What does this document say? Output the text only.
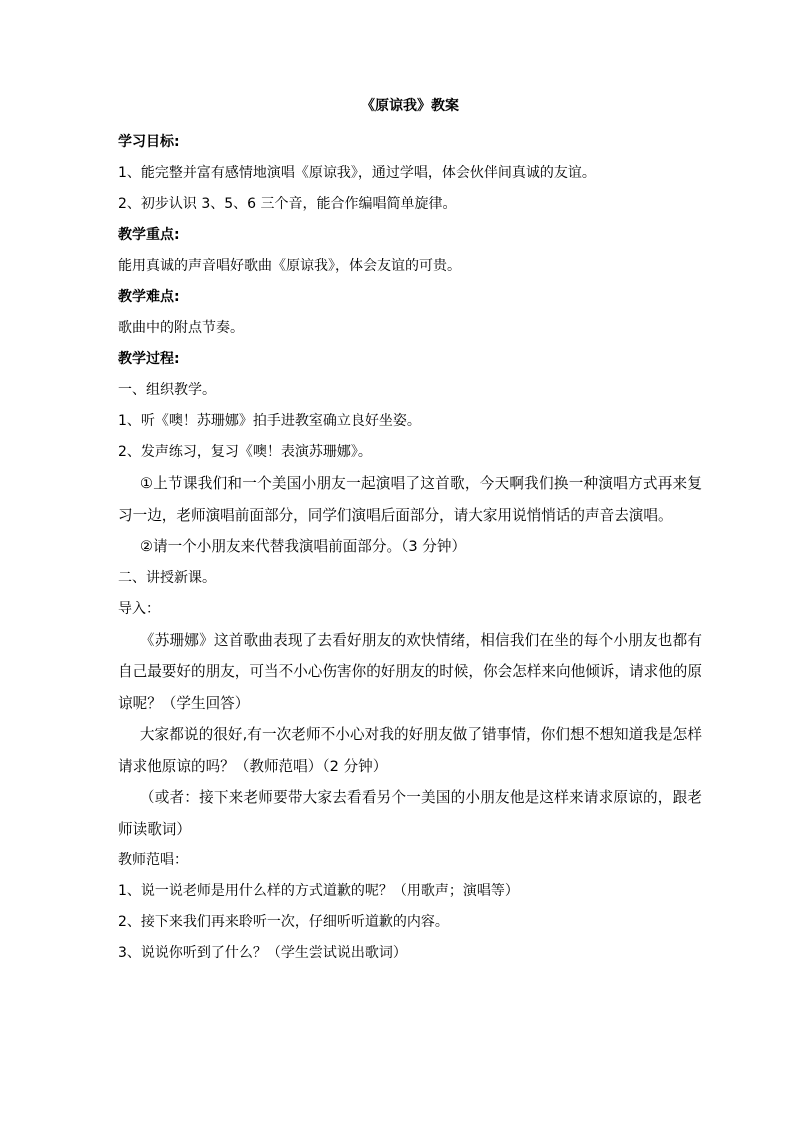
《原谅我》教案
学习目标:
1、能完整并富有感情地演唱《原谅我》，通过学唱，体会伙伴间真诚的友谊。
2、初步认识 3、5、6 三个音，能合作编唱简单旋律。
教学重点:
能用真诚的声音唱好歌曲《原谅我》，体会友谊的可贵。
教学难点:
歌曲中的附点节奏。
教学过程:
一、组织教学。
1、听《噢！苏珊娜》拍手进教室确立良好坐姿。
2、发声练习，复习《噢！表演苏珊娜》。
①上节课我们和一个美国小朋友一起演唱了这首歌，今天啊我们换一种演唱方式再来复习一边，老师演唱前面部分，同学们演唱后面部分，请大家用说悄悄话的声音去演唱。
②请一个小朋友来代替我演唱前面部分。（3 分钟）
二、讲授新课。
导入：
《苏珊娜》这首歌曲表现了去看好朋友的欢快情绪，相信我们在坐的每个小朋友也都有自己最要好的朋友，可当不小心伤害你的好朋友的时候，你会怎样来向他倾诉，请求他的原谅呢？（学生回答）
大家都说的很好,有一次老师不小心对我的好朋友做了错事情，你们想不想知道我是怎样请求他原谅的吗？（教师范唱）（2 分钟）
（或者：接下来老师要带大家去看看另个一美国的小朋友他是这样来请求原谅的，跟老师读歌词）
教师范唱：
1、说一说老师是用什么样的方式道歉的呢？（用歌声；演唱等）
2、接下来我们再来聆听一次，仔细听听道歉的内容。
3、说说你听到了什么？（学生尝试说出歌词）
